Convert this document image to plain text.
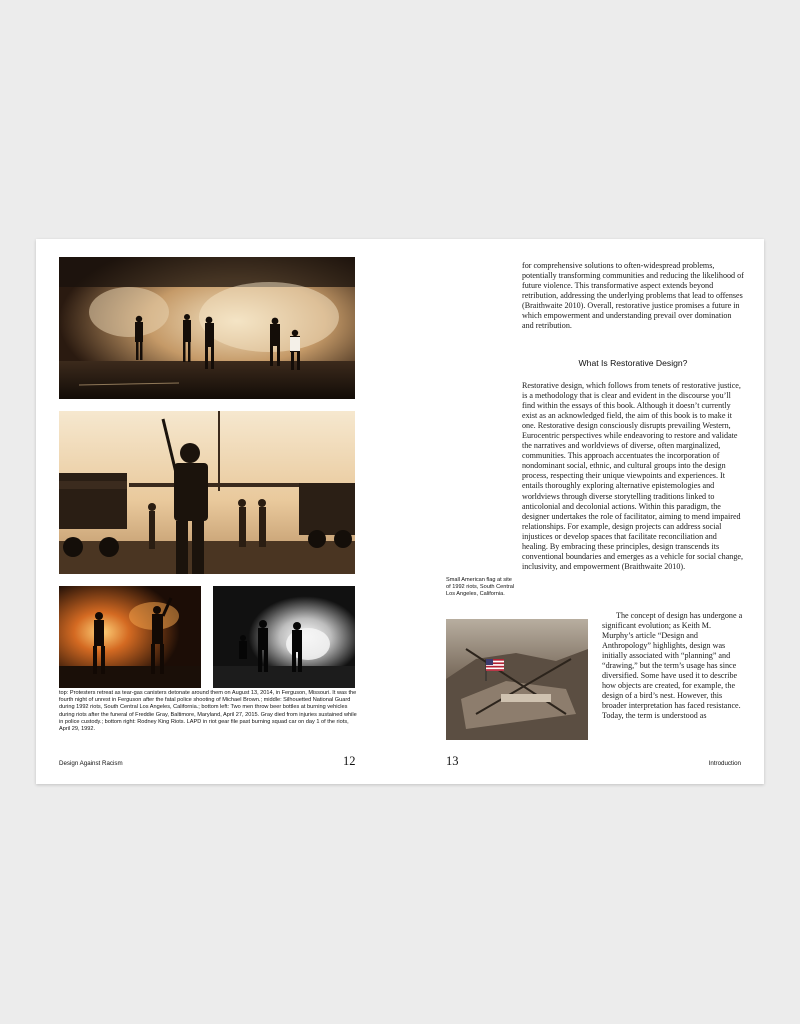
top: Protesters retreat as tear-gas canisters detonate around them on August 13, 2014, in Ferguson, Missouri. It was the fourth night of unrest in Ferguson after the fatal police shooting of Michael Brown.; middle: Silhouetted National Guard during 1992 riots, South Central Los Angeles, California.; bottom left: Two men throw beer bottles at burning vehicles during riots after the funeral of Freddie Gray, Baltimore, Maryland, April 27, 2015. Gray died from injuries sustained while in police custody.; bottom right: Rodney King Riots. LAPD in riot gear file past burning squad car on day 1 of the riots, April 29, 1992.

Design Against Racism	12

for comprehensive solutions to often-widespread problems, potentially transforming communities and reducing the likelihood of future violence. This transformative aspect extends beyond retribution, addressing the underlying problems that lead to offenses (Braithwaite 2010). Overall, restorative justice promises a future in which empowerment and understanding prevail over domination and retribution.

What Is Restorative Design?

Restorative design, which follows from tenets of restorative justice, is a methodology that is clear and evident in the discourse you’ll find within the essays of this book. Although it doesn’t currently exist as an acknowledged field, the aim of this book is to make it one. Restorative design consciously disrupts prevailing Western, Eurocentric perspectives while endeavoring to restore and validate the narratives and worldviews of diverse, often marginalized, communities. This approach accentuates the incorporation of nondominant social, ethnic, and cultural groups into the design process, respecting their unique viewpoints and experiences. It entails thoroughly exploring alternative epistemologies and worldviews through diverse storytelling traditions linked to anticolonial and decolonial actions. Within this paradigm, the designer undertakes the role of facilitator, aiming to mend impaired relationships. For example, design projects can address social injustices or develop spaces that facilitate reconciliation and healing. By embracing these principles, design transcends its conventional boundaries and emerges as a vehicle for social change, inclusivity, and empowerment (Braithwaite 2010).

Small American flag at site of 1992 riots, South Central Los Angeles, California.

The concept of design has undergone a significant evolution; as Keith M. Murphy’s article “Design and Anthropology” highlights, design was initially associated with “planning” and “drawing,” but the term’s usage has since diversified. Some have used it to describe how objects are created, for example, the design of a bird’s nest. However, this broader interpretation has faced resistance. Today, the term is understood as

13	Introduction
